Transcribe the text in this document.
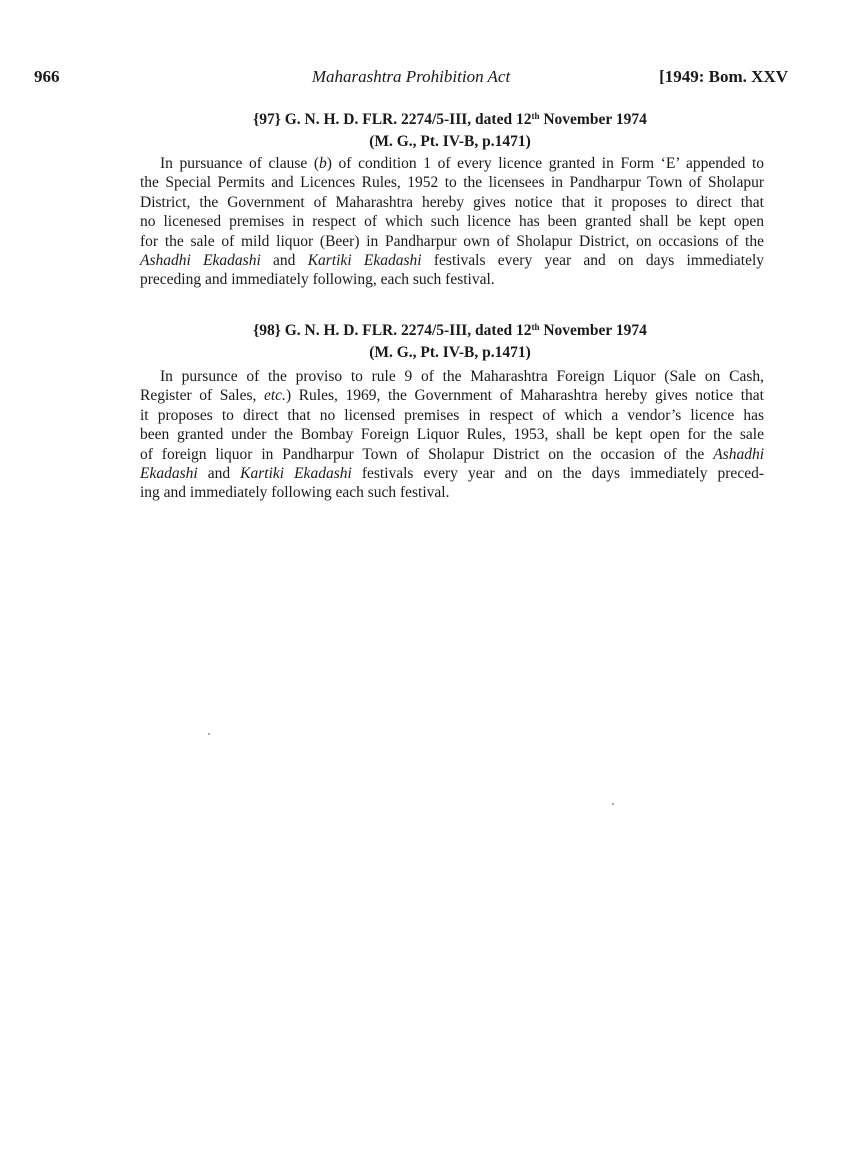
966	Maharashtra Prohibition Act	[1949: Bom. XXV
{97} G. N. H. D. FLR. 2274/5-III, dated 12th November 1974
(M. G., Pt. IV-B, p.1471)
In pursuance of clause (b) of condition 1 of every licence granted in Form ‘E’ appended to
the Special Permits and Licences Rules, 1952 to the licensees in Pandharpur Town of Sholapur
District, the Government of Maharashtra hereby gives notice that it proposes to direct that
no licenesed premises in respect of which such licence has been granted shall be kept open
for the sale of mild liquor (Beer) in Pandharpur own of Sholapur District, on occasions of the
Ashadhi Ekadashi and Kartiki Ekadashi festivals every year and on days immediately
preceding and immediately following, each such festival.
{98} G. N. H. D. FLR. 2274/5-III, dated 12th November 1974
(M. G., Pt. IV-B, p.1471)
In pursunce of the proviso to rule 9 of the Maharashtra Foreign Liquor (Sale on Cash,
Register of Sales, etc.) Rules, 1969, the Government of Maharashtra hereby gives notice that
it proposes to direct that no licensed premises in respect of which a vendor’s licence has
been granted under the Bombay Foreign Liquor Rules, 1953, shall be kept open for the sale
of foreign liquor in Pandharpur Town of Sholapur District on the occasion of the Ashadhi
Ekadashi and Kartiki Ekadashi festivals every year and on the days immediately preced-
ing and immediately following each such festival.
